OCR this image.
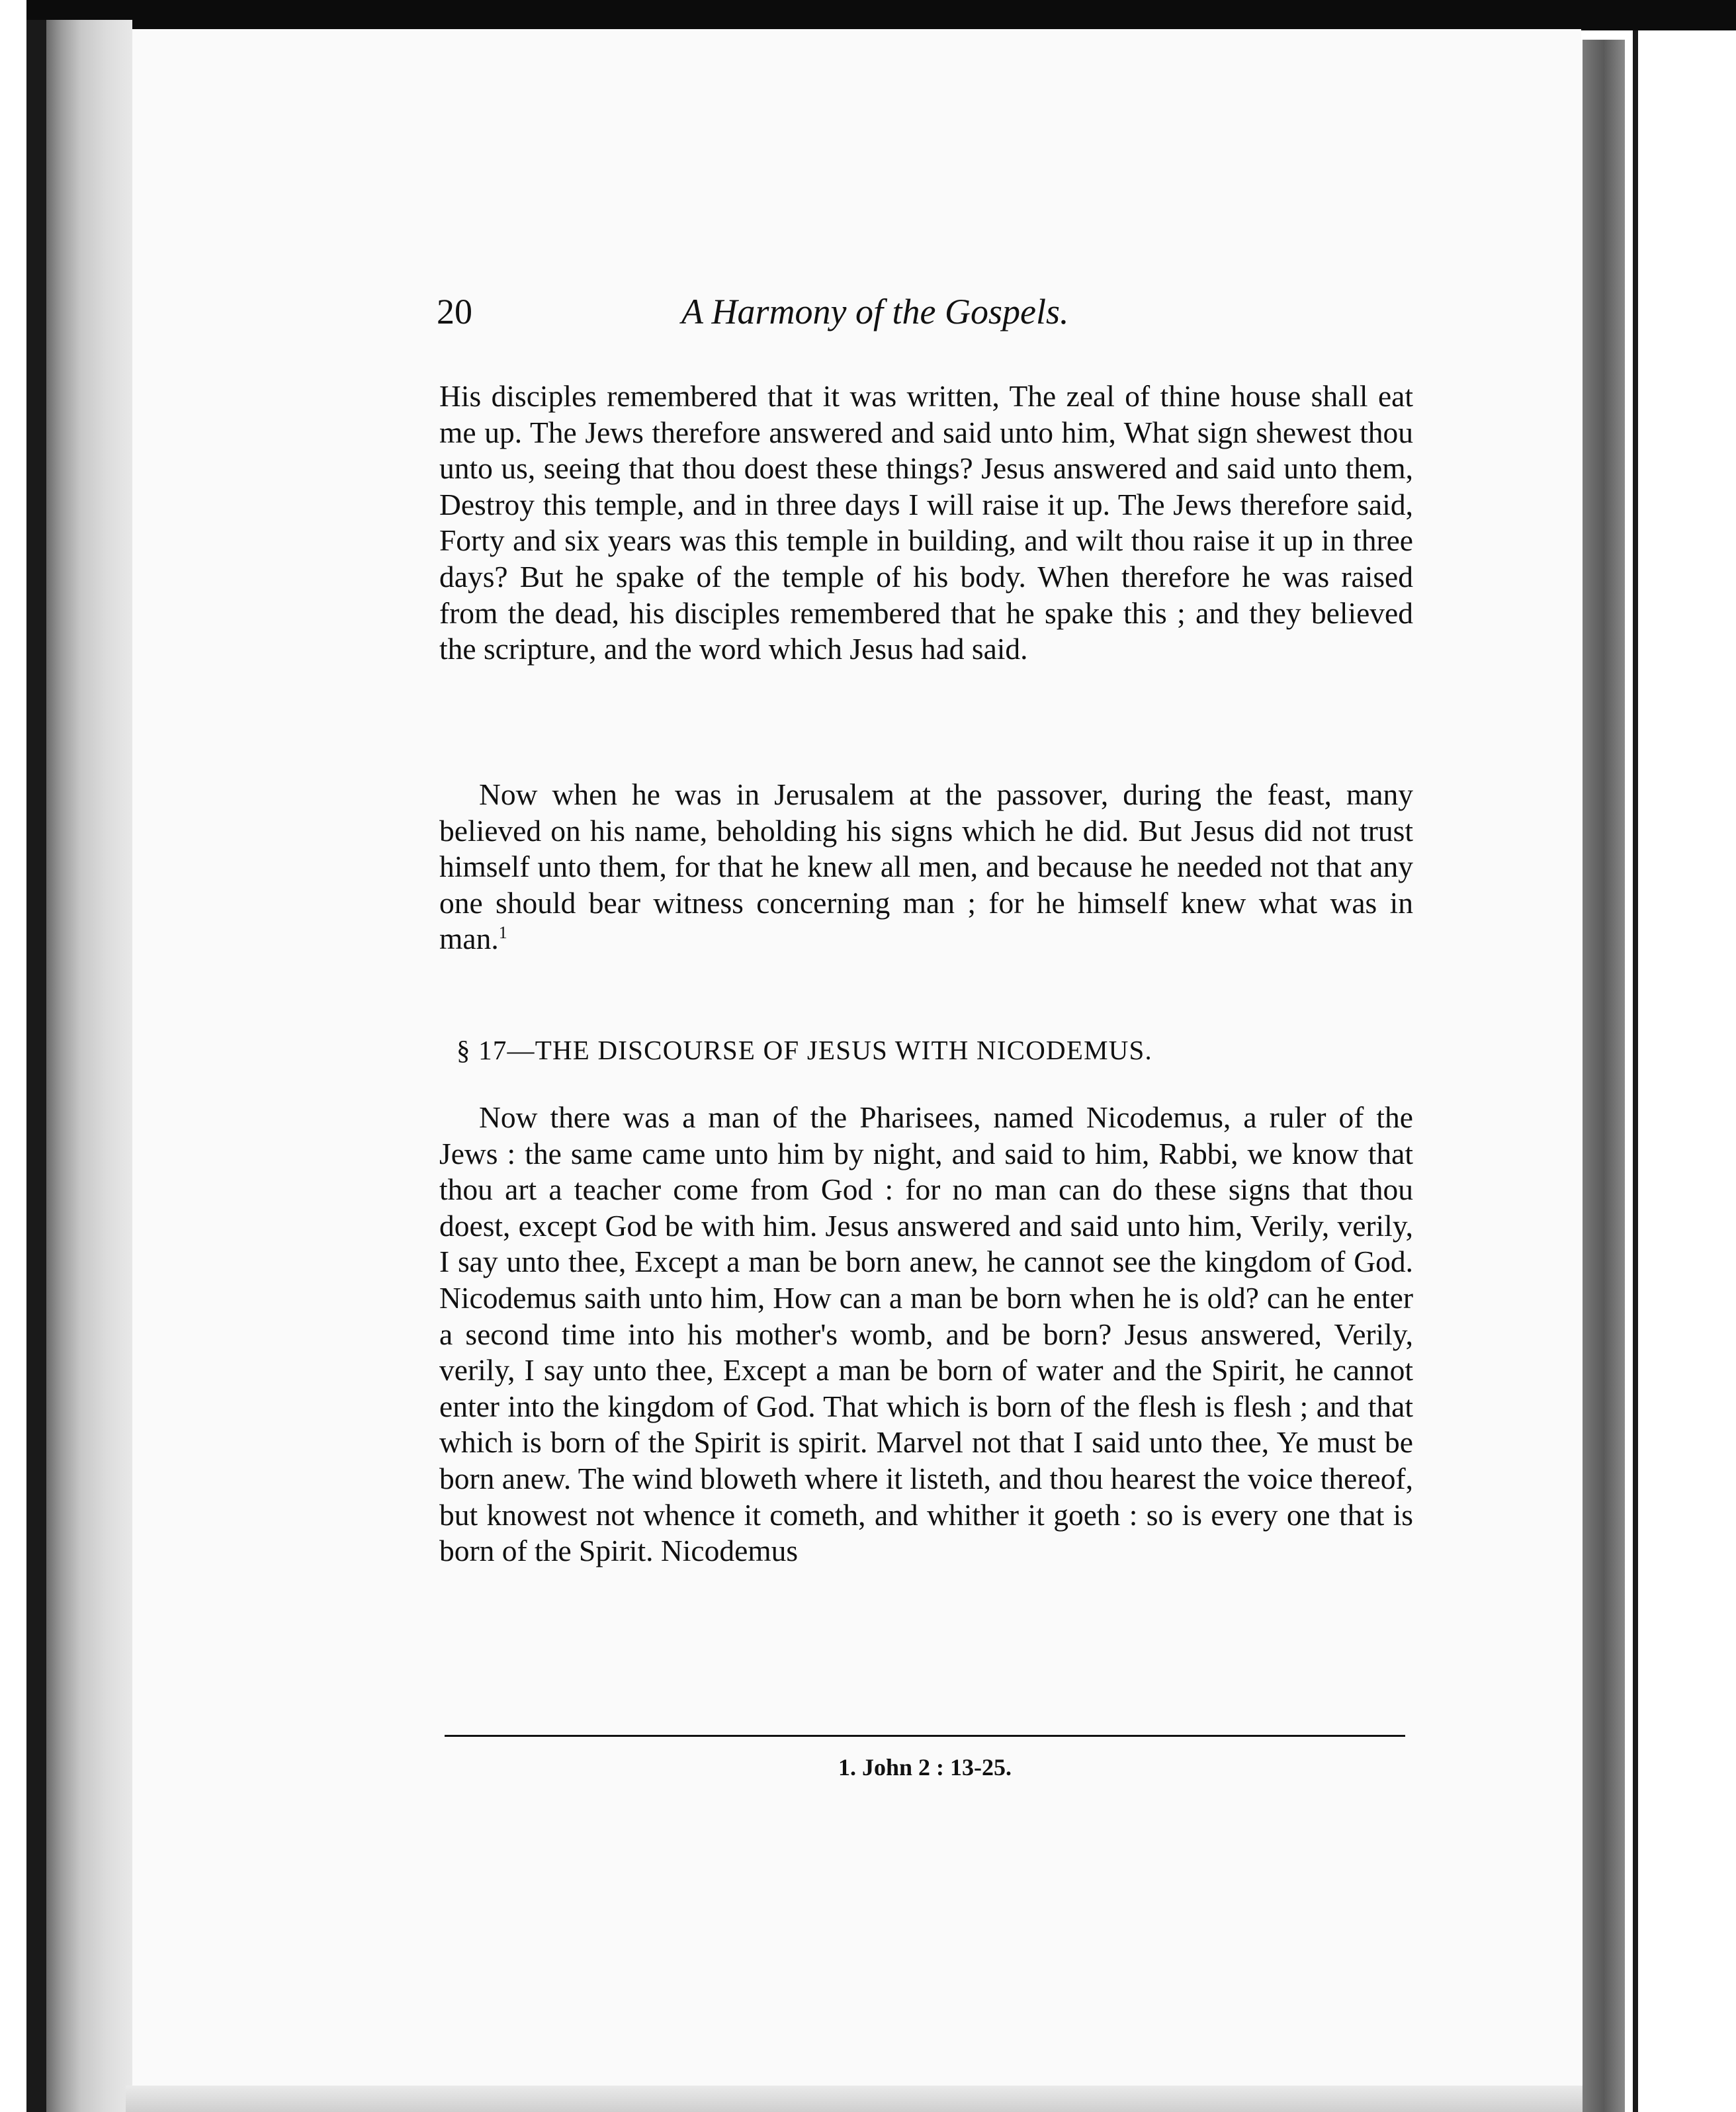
20	A Harmony of the Gospels.

His disciples remembered that it was written, The zeal of thine house shall eat me up. The Jews therefore answered and said unto him, What sign shewest thou unto us, seeing that thou doest these things? Jesus answered and said unto them, Destroy this temple, and in three days I will raise it up. The Jews therefore said, Forty and six years was this temple in building, and wilt thou raise it up in three days? But he spake of the temple of his body. When therefore he was raised from the dead, his disciples remembered that he spake this ; and they believed the scripture, and the word which Jesus had said.

Now when he was in Jerusalem at the passover, during the feast, many believed on his name, beholding his signs which he did. But Jesus did not trust himself unto them, for that he knew all men, and because he needed not that any one should bear witness concerning man ; for he himself knew what was in man.$^1$

§ 17—THE DISCOURSE OF JESUS WITH NICODEMUS.

Now there was a man of the Pharisees, named Nicodemus, a ruler of the Jews : the same came unto him by night, and said to him, Rabbi, we know that thou art a teacher come from God : for no man can do these signs that thou doest, except God be with him. Jesus answered and said unto him, Verily, verily, I say unto thee, Except a man be born anew, he cannot see the kingdom of God. Nicodemus saith unto him, How can a man be born when he is old? can he enter a second time into his mother's womb, and be born? Jesus answered, Verily, verily, I say unto thee, Except a man be born of water and the Spirit, he cannot enter into the kingdom of God. That which is born of the flesh is flesh ; and that which is born of the Spirit is spirit. Marvel not that I said unto thee, Ye must be born anew. The wind bloweth where it listeth, and thou hearest the voice thereof, but knowest not whence it cometh, and whither it goeth : so is every one that is born of the Spirit. Nicodemus

1. John 2 : 13-25.
